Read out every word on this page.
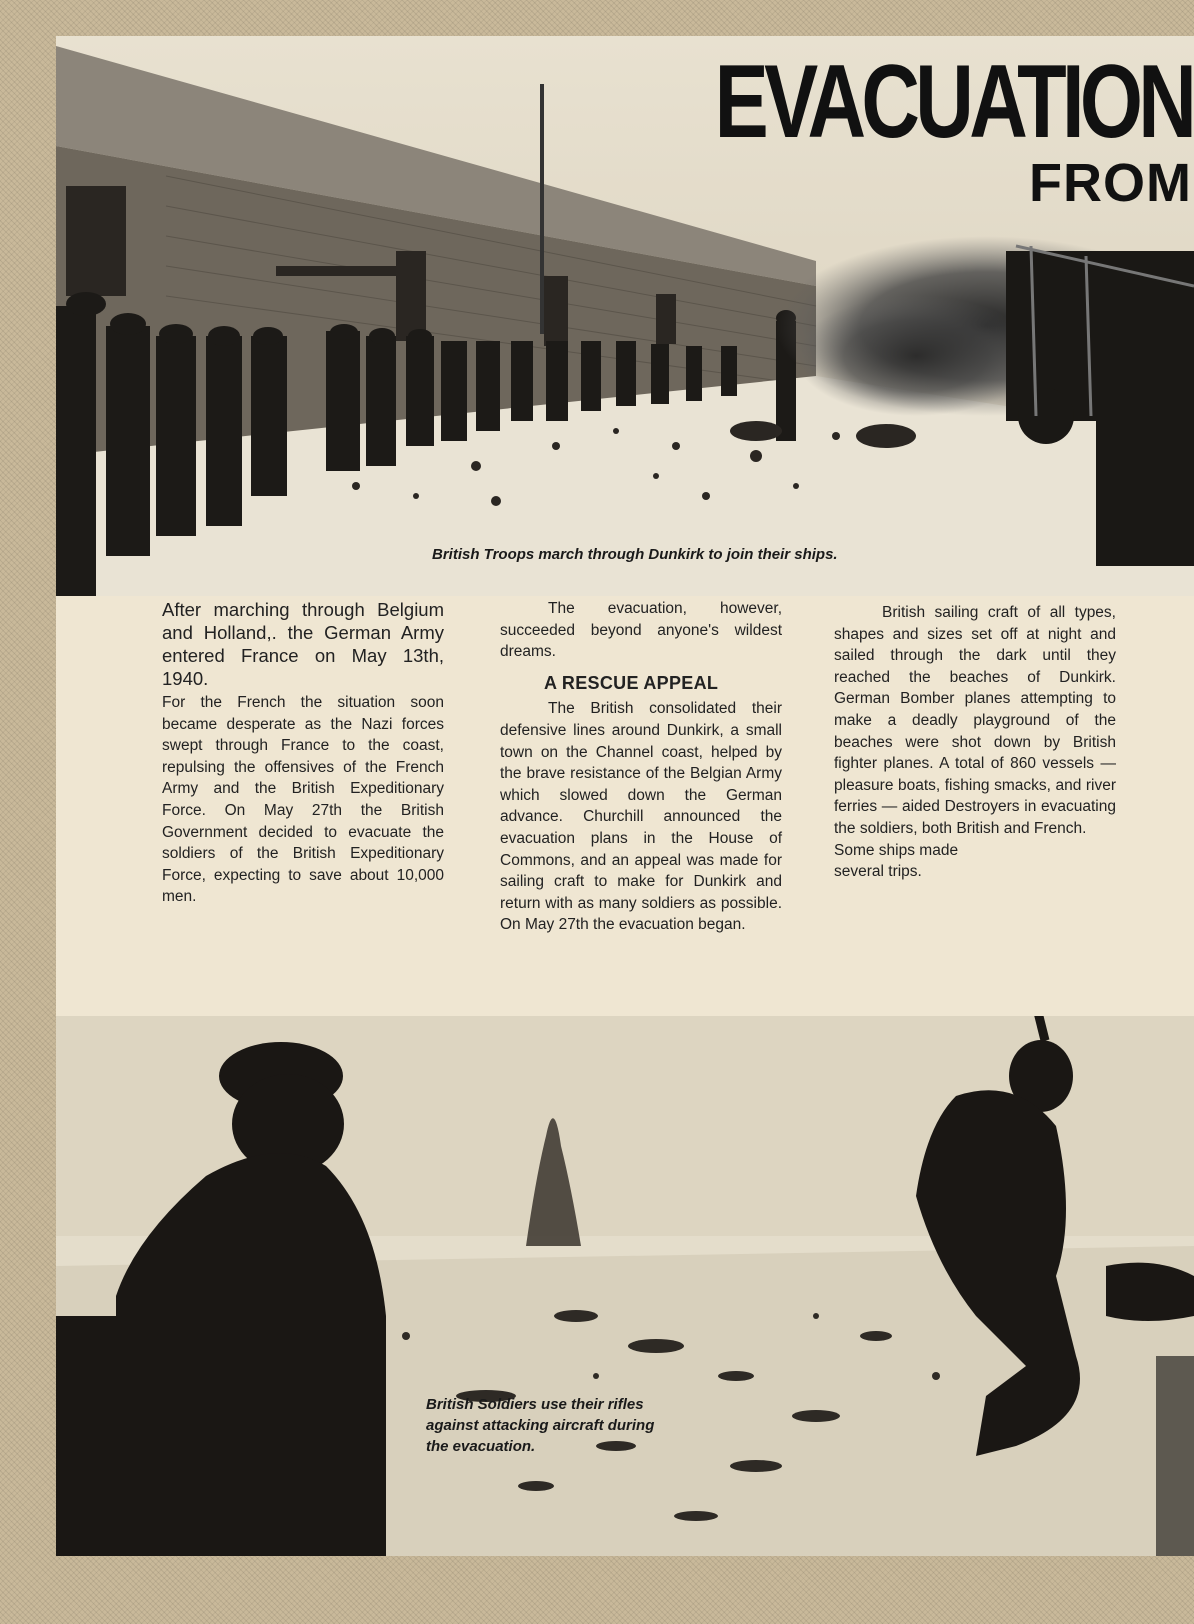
British Troops march through Dunkirk to join their ships.
EVACUATION
FROM

After marching through Belgium and Holland,. the German Army entered France on May 13th, 1940.

For the French the situation soon became desperate as the Nazi forces swept through France to the coast, repulsing the offensives of the French Army and the British Expeditionary Force. On May 27th the British Government decided to evacuate the soldiers of the British Expeditionary Force, expecting to save about 10,000 men.

The evacuation, however, succeeded beyond anyone's wildest dreams.

A RESCUE APPEAL

The British consolidated their defensive lines around Dunkirk, a small town on the Channel coast, helped by the brave resistance of the Belgian Army which slowed down the German advance. Churchill announced the evacuation plans in the House of Commons, and an appeal was made for sailing craft to make for Dunkirk and return with as many soldiers as possible. On May 27th the evacuation began.

British sailing craft of all types, shapes and sizes set off at night and sailed through the dark until they reached the beaches of Dunkirk. German Bomber planes attempting to make a deadly playground of the beaches were shot down by British fighter planes. A total of 860 vessels — pleasure boats, fishing smacks, and river ferries — aided Destroyers in evacuating the soldiers, both British and French.

Some ships made
several trips.
British Soldiers use their rifles
against attacking aircraft during
the evacuation.
